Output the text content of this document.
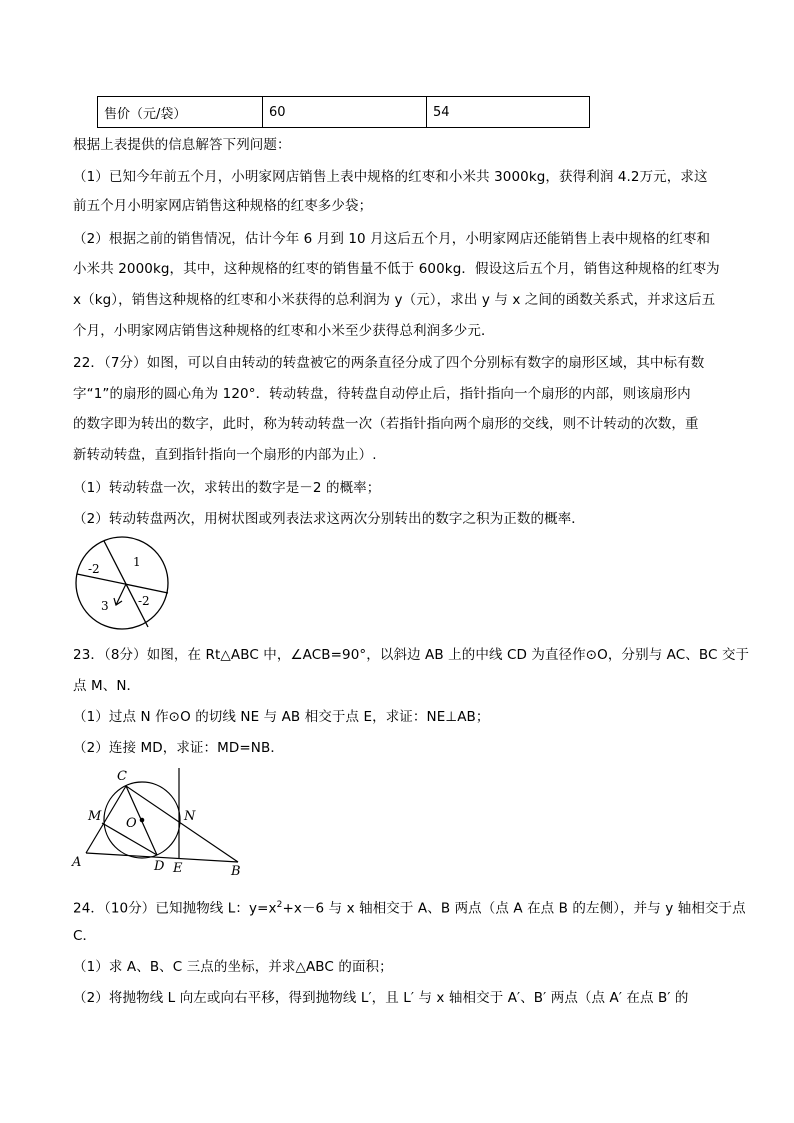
售价（元/袋）	60	54
根据上表提供的信息解答下列问题：
（1）已知今年前五个月，小明家网店销售上表中规格的红枣和小米共 3000kg，获得利润 4.2万元，求这
前五个月小明家网店销售这种规格的红枣多少袋；
（2）根据之前的销售情况，估计今年 6 月到 10 月这后五个月，小明家网店还能销售上表中规格的红枣和
小米共 2000kg，其中，这种规格的红枣的销售量不低于 600kg．假设这后五个月，销售这种规格的红枣为
x（kg），销售这种规格的红枣和小米获得的总利润为 y（元），求出 y 与 x 之间的函数关系式，并求这后五
个月，小明家网店销售这种规格的红枣和小米至少获得总利润多少元．
22．（7分）如图，可以自由转动的转盘被它的两条直径分成了四个分别标有数字的扇形区域，其中标有数
字“1”的扇形的圆心角为 120°．转动转盘，待转盘自动停止后，指针指向一个扇形的内部，则该扇形内
的数字即为转出的数字，此时，称为转动转盘一次（若指针指向两个扇形的交线，则不计转动的次数，重
新转动转盘，直到指针指向一个扇形的内部为止）.
（1）转动转盘一次，求转出的数字是－2 的概率；
（2）转动转盘两次，用树状图或列表法求这两次分别转出的数字之积为正数的概率．
-2	1
3 -2
23．（8分）如图，在 Rt△ABC 中，∠ACB=90°，以斜边 AB 上的中线 CD 为直径作⊙O，分别与 AC、BC 交于
点 M、N．
（1）过点 N 作⊙O 的切线 NE 与 AB 相交于点 E，求证：NE⊥AB；
（2）连接 MD，求证：MD=NB．
C
M O	N
A	D E	B
24．（10分）已知抛物线 L：$y=x^2+x-6$ 与 x 轴相交于 A、B 两点（点 A 在点 B 的左侧），并与 y 轴相交于点
C．
（1）求 A、B、C 三点的坐标，并求△ABC 的面积；
（2）将抛物线 L 向左或向右平移，得到抛物线 L′，且 L′ 与 x 轴相交于 A′、B′ 两点（点 A′ 在点 B′ 的
